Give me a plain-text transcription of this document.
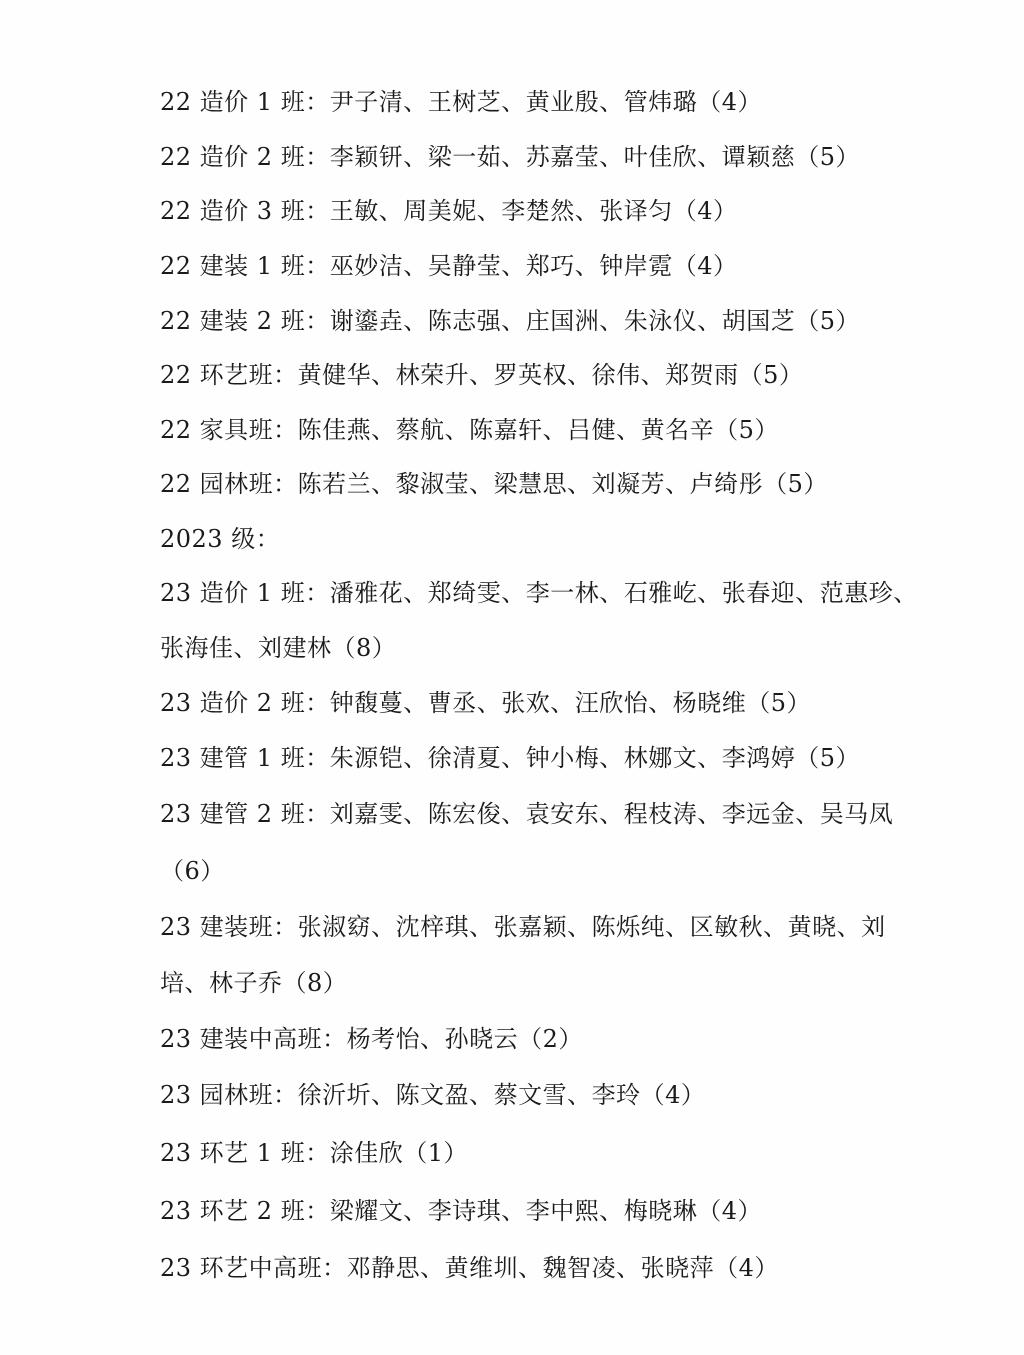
22 造价 1 班：尹子清、王树芝、黄业殷、管炜璐（4）
22 造价 2 班：李颖钘、梁一茹、苏嘉莹、叶佳欣、谭颖慈（5）
22 造价 3 班：王敏、周美妮、李楚然、张译匀（4）
22 建装 1 班：巫妙洁、吴静莹、郑巧、钟岸霓（4）
22 建装 2 班：谢鎏垚、陈志强、庄国洲、朱泳仪、胡国芝（5）
22 环艺班：黄健华、林荣升、罗英权、徐伟、郑贺雨（5）
22 家具班：陈佳燕、蔡航、陈嘉轩、吕健、黄名辛（5）
22 园林班：陈若兰、黎淑莹、梁慧思、刘凝芳、卢绮彤（5）
2023 级：
23 造价 1 班：潘雅花、郑绮雯、李一林、石雅屹、张春迎、范惠珍、
张海佳、刘建林（8）
23 造价 2 班：钟馥蔓、曹丞、张欢、汪欣怡、杨晓维（5）
23 建管 1 班：朱源铠、徐清夏、钟小梅、林娜文、李鸿婷（5）
23 建管 2 班：刘嘉雯、陈宏俊、袁安东、程枝涛、李远金、吴马凤
（6）
23 建装班：张淑窈、沈梓琪、张嘉颖、陈烁纯、区敏秋、黄晓、刘
培、林子乔（8）
23 建装中高班：杨考怡、孙晓云（2）
23 园林班：徐沂圻、陈文盈、蔡文雪、李玲（4）
23 环艺 1 班：涂佳欣（1）
23 环艺 2 班：梁耀文、李诗琪、李中熙、梅晓琳（4）
23 环艺中高班：邓静思、黄维圳、魏智凌、张晓萍（4）
